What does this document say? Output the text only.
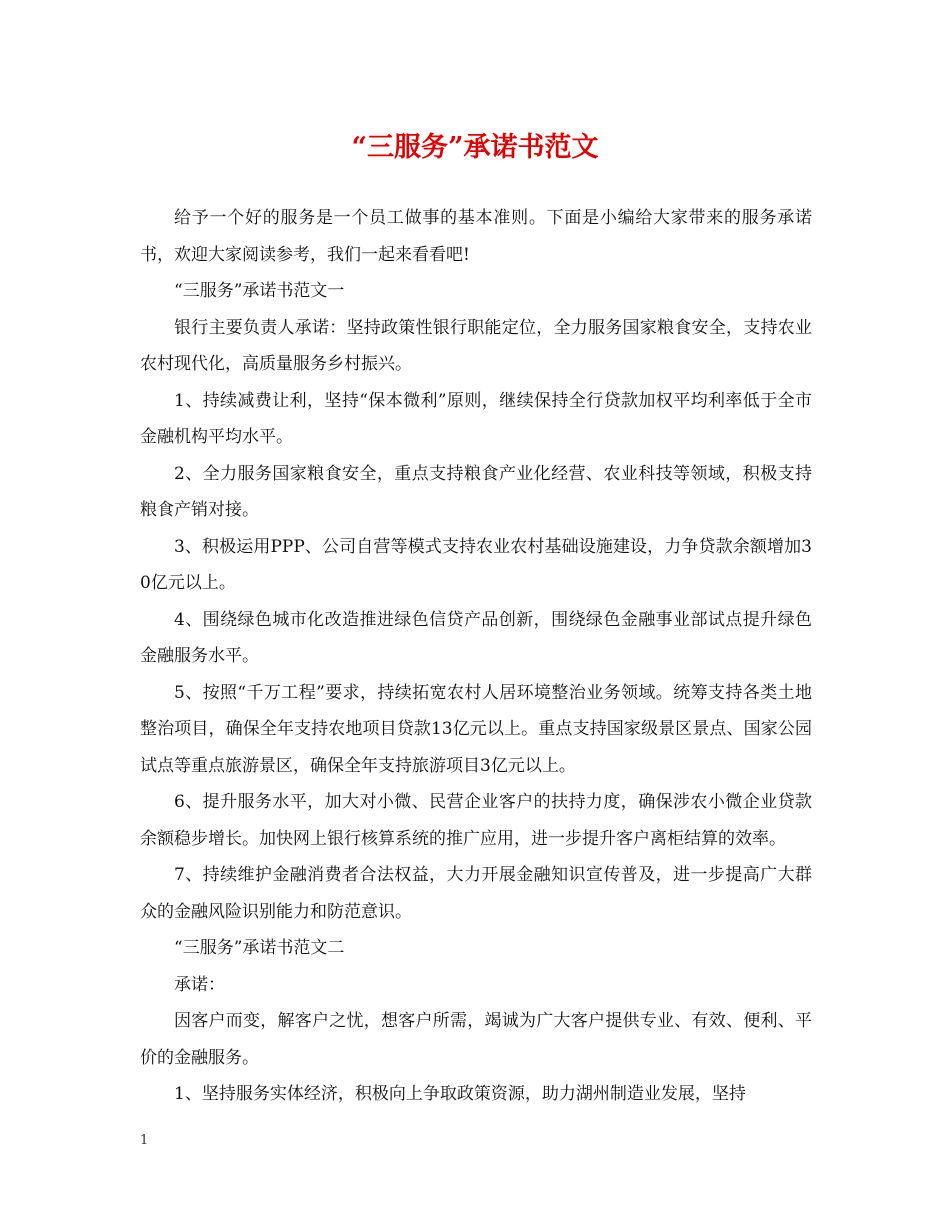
“三服务”承诺书范文

给予一个好的服务是一个员工做事的基本准则。下面是小编给大家带来的服务承诺书，欢迎大家阅读参考，我们一起来看看吧!

“三服务”承诺书范文一

银行主要负责人承诺：坚持政策性银行职能定位，全力服务国家粮食安全，支持农业农村现代化，高质量服务乡村振兴。

1、持续减费让利，坚持“保本微利”原则，继续保持全行贷款加权平均利率低于全市金融机构平均水平。

2、全力服务国家粮食安全，重点支持粮食产业化经营、农业科技等领域，积极支持粮食产销对接。

3、积极运用PPP、公司自营等模式支持农业农村基础设施建设，力争贷款余额增加30亿元以上。

4、围绕绿色城市化改造推进绿色信贷产品创新，围绕绿色金融事业部试点提升绿色金融服务水平。

5、按照“千万工程”要求，持续拓宽农村人居环境整治业务领域。统筹支持各类土地整治项目，确保全年支持农地项目贷款13亿元以上。重点支持国家级景区景点、国家公园试点等重点旅游景区，确保全年支持旅游项目3亿元以上。

6、提升服务水平，加大对小微、民营企业客户的扶持力度，确保涉农小微企业贷款余额稳步增长。加快网上银行核算系统的推广应用，进一步提升客户离柜结算的效率。

7、持续维护金融消费者合法权益，大力开展金融知识宣传普及，进一步提高广大群众的金融风险识别能力和防范意识。

“三服务”承诺书范文二

承诺：

因客户而变，解客户之忧，想客户所需，竭诚为广大客户提供专业、有效、便利、平价的金融服务。

1、坚持服务实体经济，积极向上争取政策资源，助力湖州制造业发展，坚持

1
